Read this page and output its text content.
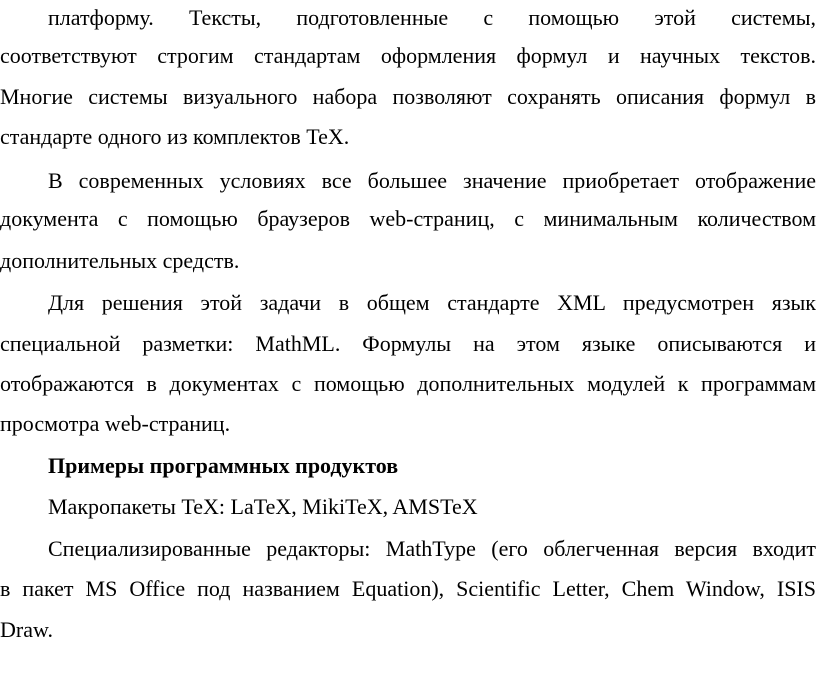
платформу. Тексты, подготовленные с помощью этой системы,
соответствуют строгим стандартам оформления формул и научных текстов.
Многие системы визуального набора позволяют сохранять описания формул в
стандарте одного из комплектов TeX.
В современных условиях все большее значение приобретает отображение
документа с помощью браузеров web-страниц, с минимальным количеством
дополнительных средств.
Для решения этой задачи в общем стандарте XML предусмотрен язык
специальной разметки: MathML. Формулы на этом языке описываются и
отображаются в документах с помощью дополнительных модулей к программам
просмотра web-страниц.
Примеры программных продуктов
Макропакеты TeX: LaTeX, MikiTeX, AMSTeX
Специализированные редакторы: MathType (его облегченная версия входит
в пакет MS Office под названием Equation), Scientific Letter, Chem Window, ISIS
Draw.
